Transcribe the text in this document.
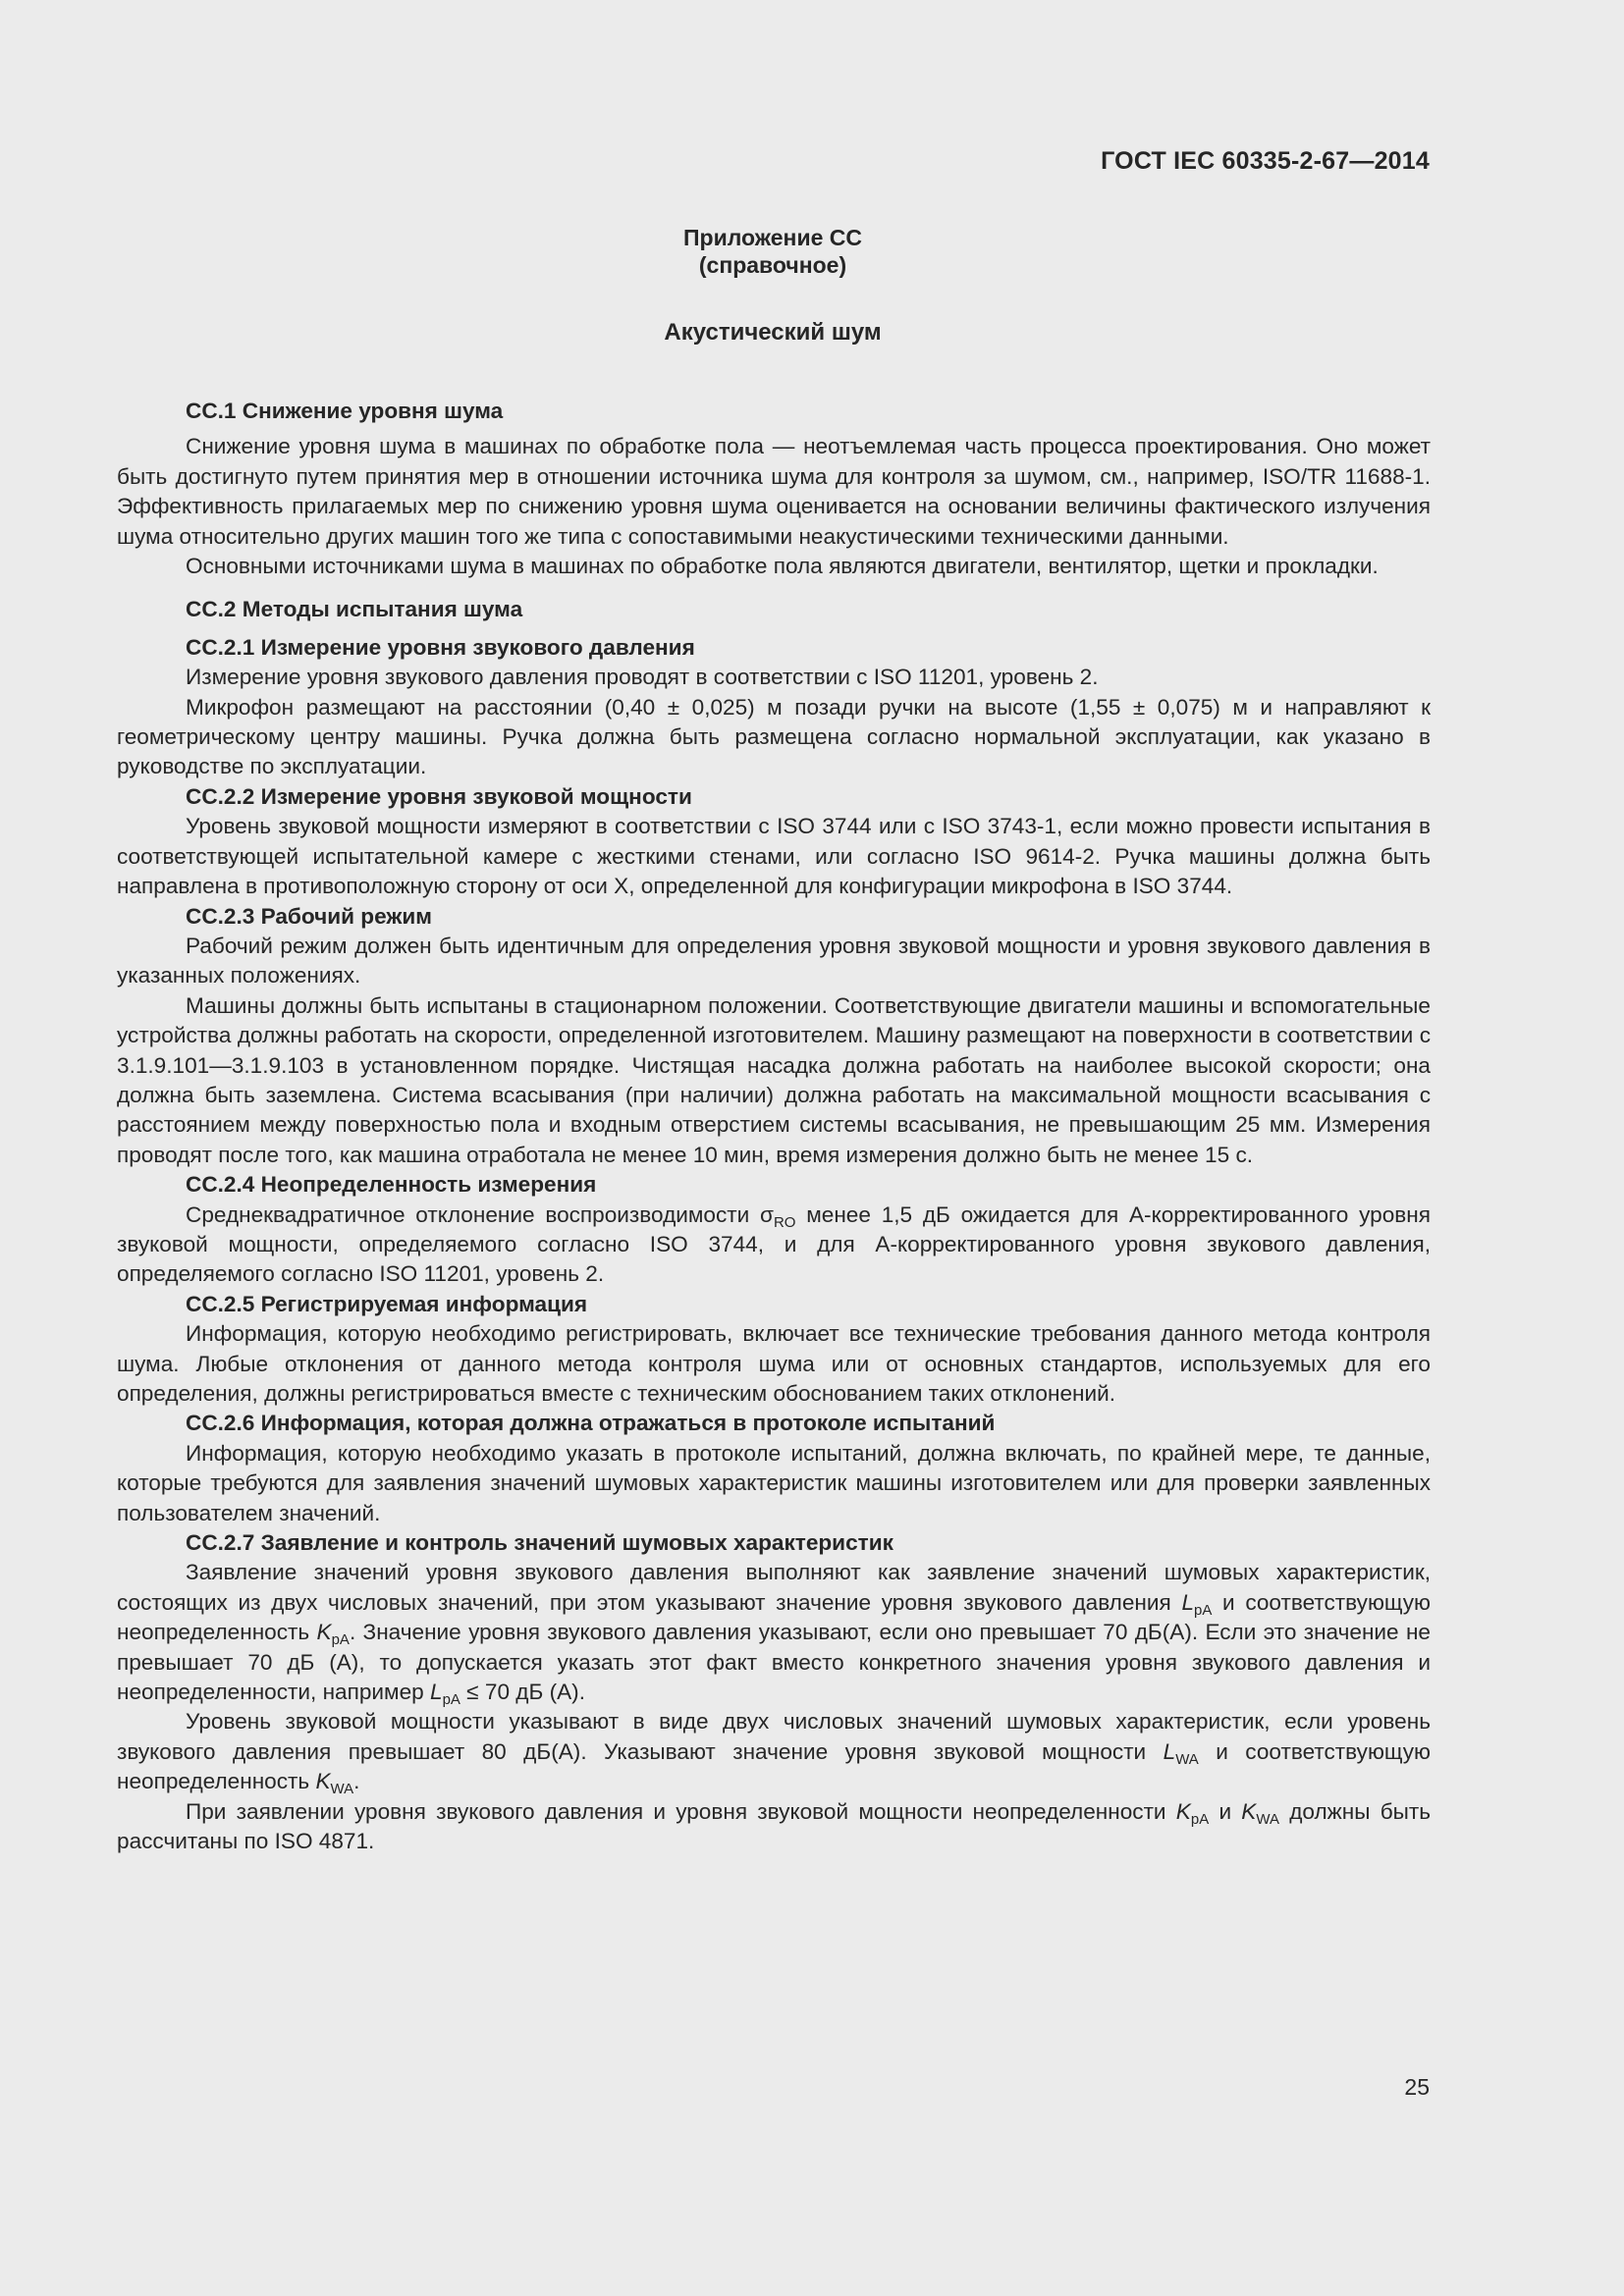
ГОСТ IEC 60335-2-67—2014
Приложение СС
(справочное)
Акустический шум
СС.1 Снижение уровня шума

Снижение уровня шума в машинах по обработке пола — неотъемлемая часть процесса проектирования. Оно может быть достигнуто путем принятия мер в отношении источника шума для контроля за шумом, см., например, ISO/TR 11688-1. Эффективность прилагаемых мер по снижению уровня шума оценивается на основании величины фактического излучения шума относительно других машин того же типа с сопоставимыми неакустическими техническими данными.

Основными источниками шума в машинах по обработке пола являются двигатели, вентилятор, щетки и прокладки.

СС.2 Методы испытания шума
СС.2.1 Измерение уровня звукового давления

Измерение уровня звукового давления проводят в соответствии с ISO 11201, уровень 2.

Микрофон размещают на расстоянии (0,40 ± 0,025) м позади ручки на высоте (1,55 ± 0,075) м и направляют к геометрическому центру машины. Ручка должна быть размещена согласно нормальной эксплуатации, как указано в руководстве по эксплуатации.

СС.2.2 Измерение уровня звуковой мощности

Уровень звуковой мощности измеряют в соответствии с ISO 3744 или с ISO 3743-1, если можно провести испытания в соответствующей испытательной камере с жесткими стенами, или согласно ISO 9614-2. Ручка машины должна быть направлена в противоположную сторону от оси X, определенной для конфигурации микрофона в ISO 3744.

СС.2.3 Рабочий режим

Рабочий режим должен быть идентичным для определения уровня звуковой мощности и уровня звукового давления в указанных положениях.

Машины должны быть испытаны в стационарном положении. Соответствующие двигатели машины и вспомогательные устройства должны работать на скорости, определенной изготовителем. Машину размещают на поверхности в соответствии с 3.1.9.101—3.1.9.103 в установленном порядке. Чистящая насадка должна работать на наиболее высокой скорости; она должна быть заземлена. Система всасывания (при наличии) должна работать на максимальной мощности всасывания с расстоянием между поверхностью пола и входным отверстием системы всасывания, не превышающим 25 мм. Измерения проводят после того, как машина отработала не менее 10 мин, время измерения должно быть не менее 15 с.

СС.2.4 Неопределенность измерения

Среднеквадратичное отклонение воспроизводимости $\sigma_{RO}$ менее 1,5 дБ ожидается для А-корректированного уровня звуковой мощности, определяемого согласно ISO 3744, и для А-корректированного уровня звукового давления, определяемого согласно ISO 11201, уровень 2.

СС.2.5 Регистрируемая информация

Информация, которую необходимо регистрировать, включает все технические требования данного метода контроля шума. Любые отклонения от данного метода контроля шума или от основных стандартов, используемых для его определения, должны регистрироваться вместе с техническим обоснованием таких отклонений.

СС.2.6 Информация, которая должна отражаться в протоколе испытаний

Информация, которую необходимо указать в протоколе испытаний, должна включать, по крайней мере, те данные, которые требуются для заявления значений шумовых характеристик машины изготовителем или для проверки заявленных пользователем значений.

СС.2.7 Заявление и контроль значений шумовых характеристик

Заявление значений уровня звукового давления выполняют как заявление значений шумовых характеристик, состоящих из двух числовых значений, при этом указывают значение уровня звукового давления $L_{pA}$ и соответствующую неопределенность $K_{pA}$. Значение уровня звукового давления указывают, если оно превышает 70 дБ(А). Если это значение не превышает 70 дБ (А), то допускается указать этот факт вместо конкретного значения уровня звукового давления и неопределенности, например $L_{pA} \le 70$ дБ (А).

Уровень звуковой мощности указывают в виде двух числовых значений шумовых характеристик, если уровень звукового давления превышает 80 дБ(А). Указывают значение уровня звуковой мощности $L_{WA}$ и соответствующую неопределенность $K_{WA}$.

При заявлении уровня звукового давления и уровня звуковой мощности неопределенности $K_{pA}$ и $K_{WA}$ должны быть рассчитаны по ISO 4871.

25
